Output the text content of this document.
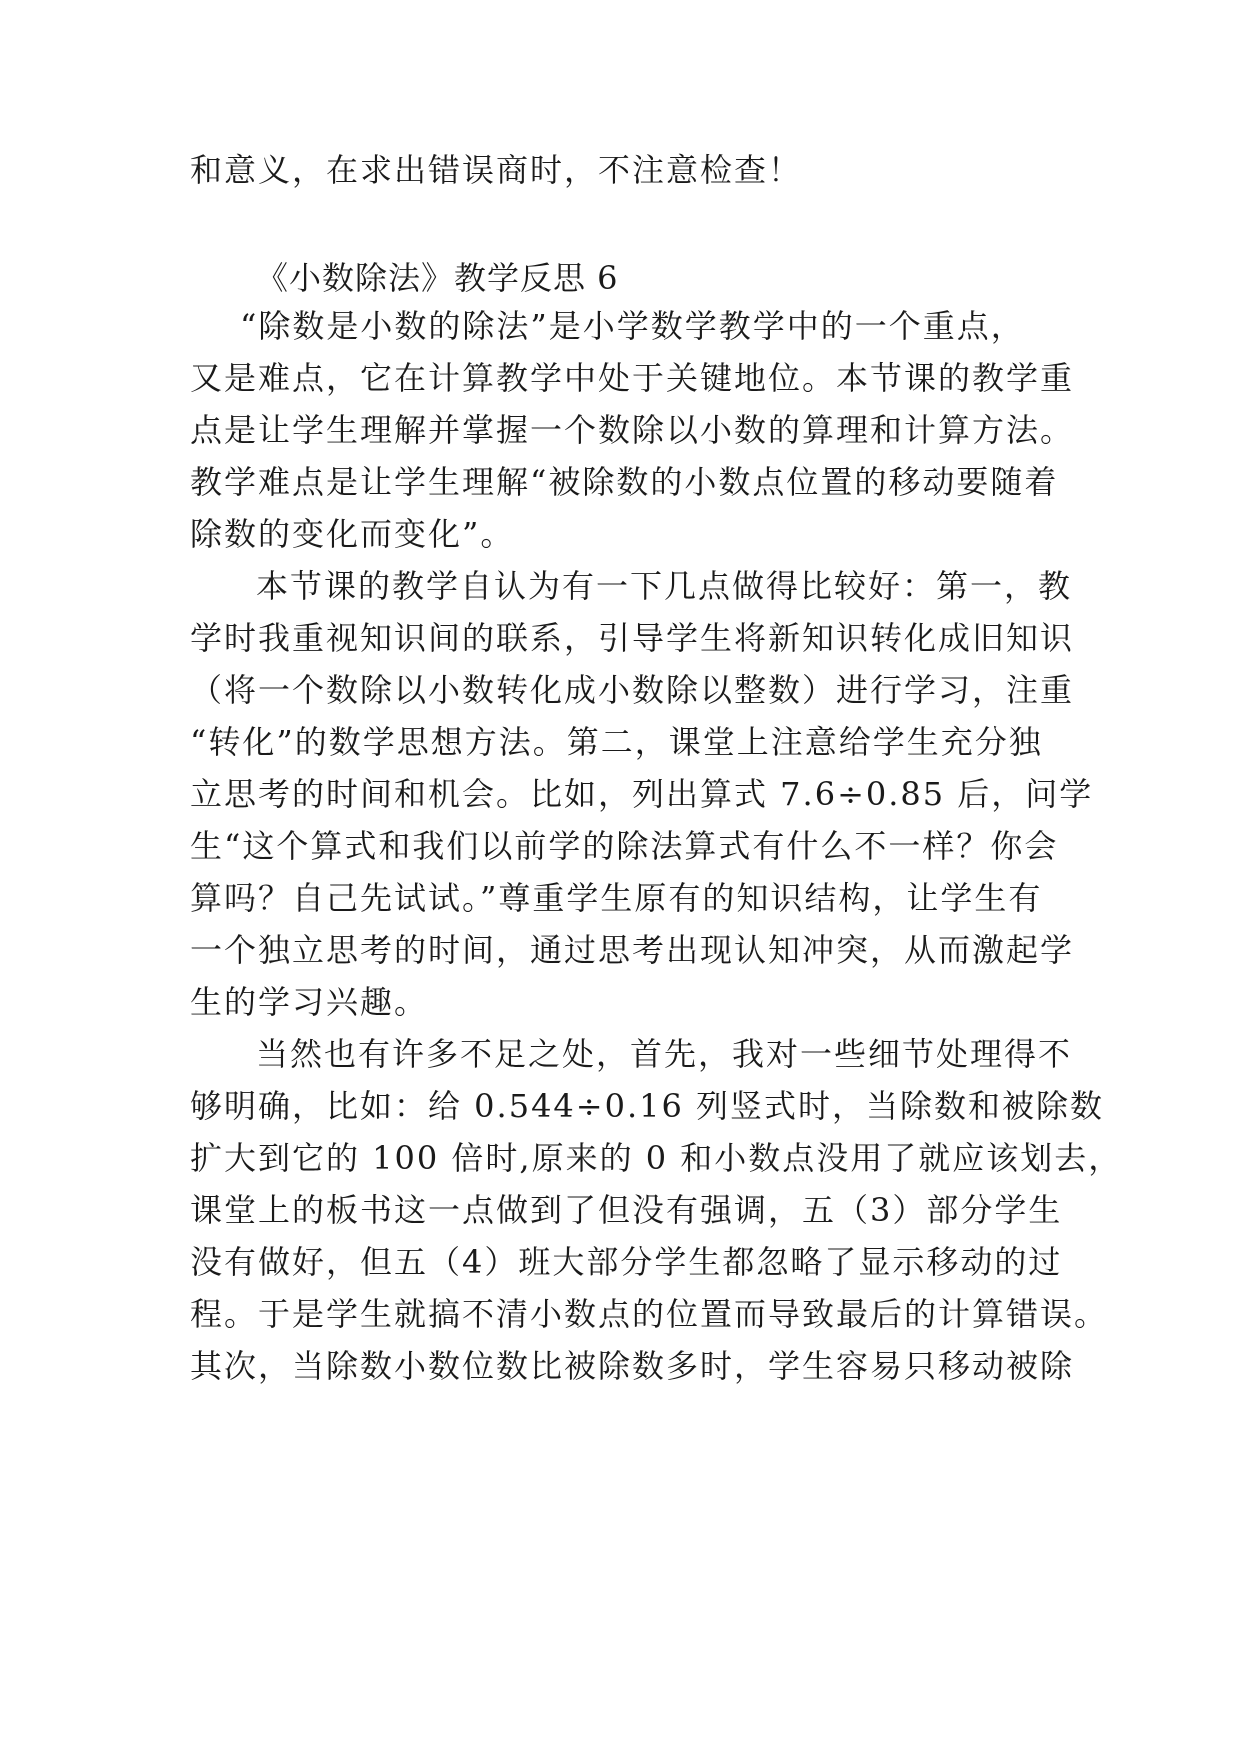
和意义，在求出错误商时，不注意检查！
《小数除法》教学反思 6
“除数是小数的除法”是小学数学教学中的一个重点，
又是难点，它在计算教学中处于关键地位。本节课的教学重
点是让学生理解并掌握一个数除以小数的算理和计算方法。
教学难点是让学生理解“被除数的小数点位置的移动要随着
除数的变化而变化”。
本节课的教学自认为有一下几点做得比较好：第一，教
学时我重视知识间的联系，引导学生将新知识转化成旧知识
（将一个数除以小数转化成小数除以整数）进行学习，注重
“转化”的数学思想方法。第二，课堂上注意给学生充分独
立思考的时间和机会。比如，列出算式 7.6÷0.85 后，问学
生“这个算式和我们以前学的除法算式有什么不一样？你会
算吗？自己先试试。”尊重学生原有的知识结构，让学生有
一个独立思考的时间，通过思考出现认知冲突，从而激起学
生的学习兴趣。
当然也有许多不足之处，首先，我对一些细节处理得不
够明确，比如：给 0.544÷0.16 列竖式时，当除数和被除数
扩大到它的 100 倍时,原来的 0 和小数点没用了就应该划去，
课堂上的板书这一点做到了但没有强调，五（3）部分学生
没有做好，但五（4）班大部分学生都忽略了显示移动的过
程。于是学生就搞不清小数点的位置而导致最后的计算错误。
其次，当除数小数位数比被除数多时，学生容易只移动被除
